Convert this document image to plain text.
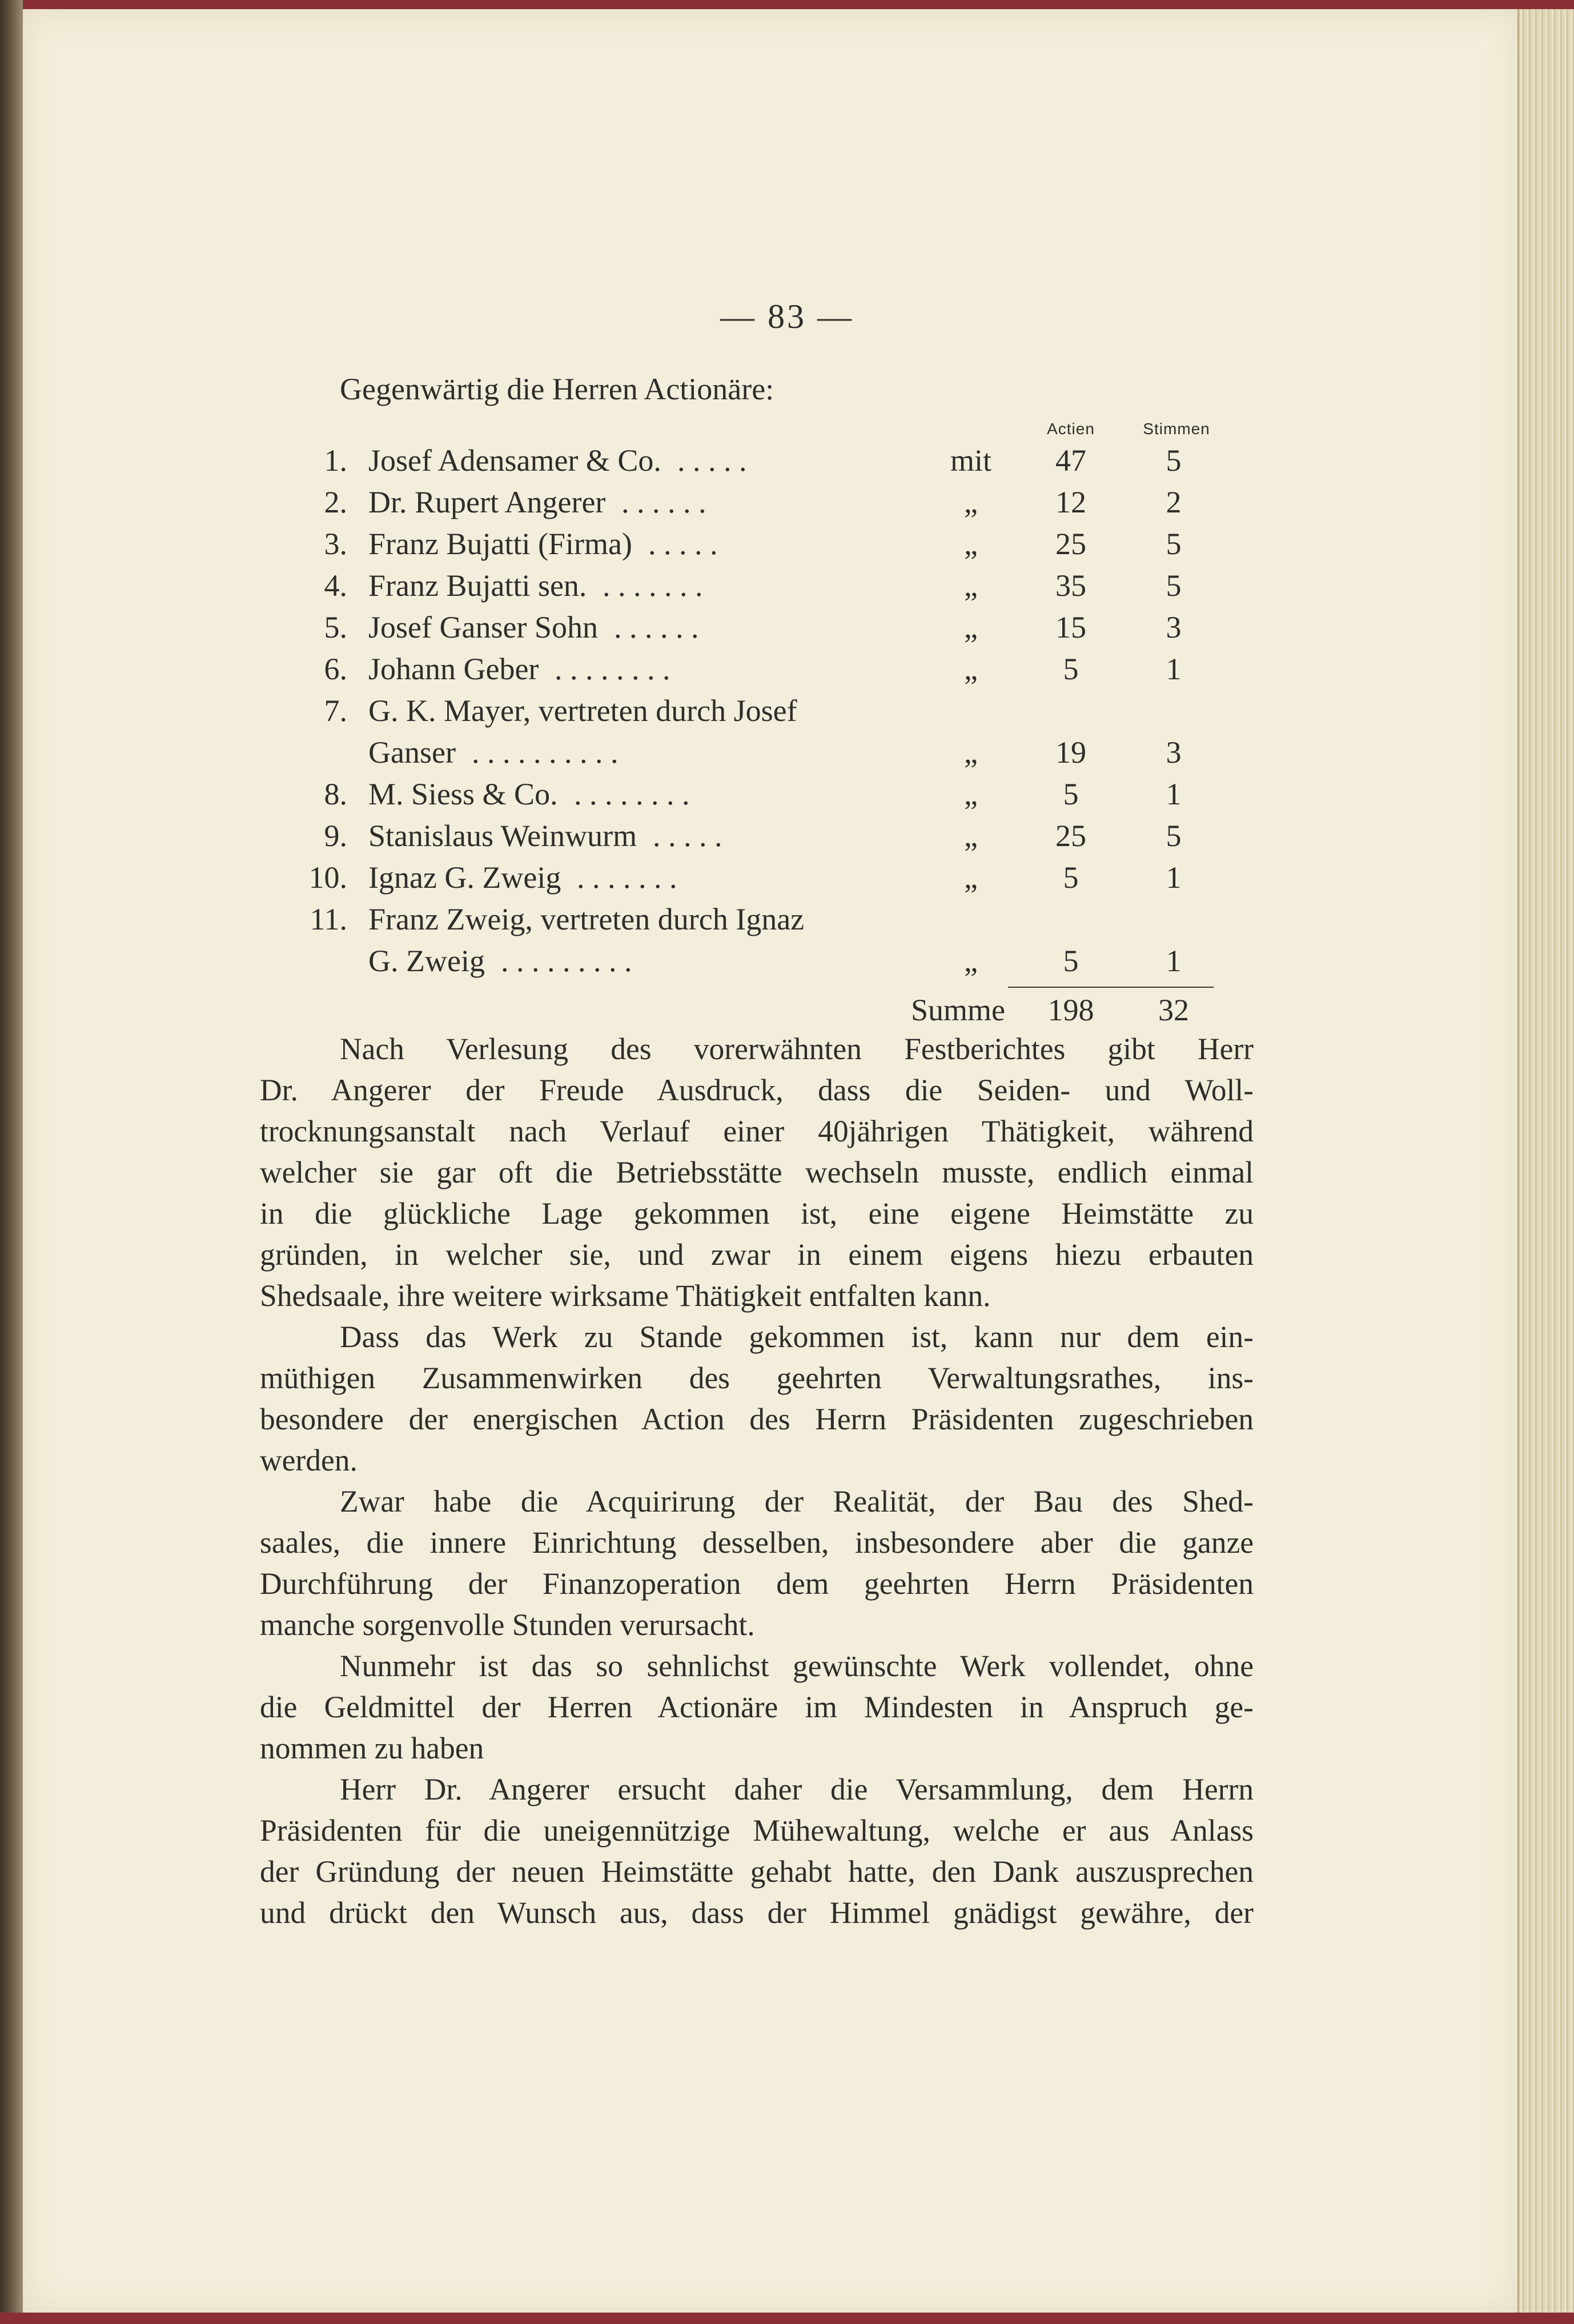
— 83 —
Gegenwärtig die Herren Actionäre:
Actien	Stimmen
1. Josef Adensamer & Co. . . . . .	mit	47	5
2. Dr. Rupert Angerer . . . . . .	„	12	2
3. Franz Bujatti (Firma) . . . . .	„	25	5
4. Franz Bujatti sen. . . . . . . .	„	35	5
5. Josef Ganser Sohn . . . . . .	„	15	3
6. Johann Geber . . . . . . . .	„	5	1
7. G. K. Mayer, vertreten durch Josef
Ganser . . . . . . . . . .	„	19	3
8. M. Siess & Co. . . . . . . . .	„	5	1
9. Stanislaus Weinwurm . . . . .	„	25	5
10. Ignaz G. Zweig . . . . . . .	„	5	1
11. Franz Zweig, vertreten durch Ignaz
G. Zweig . . . . . . . . .	„	5	1
Summe	198	32
Nach Verlesung des vorerwähnten Festberichtes gibt Herr
Dr. Angerer der Freude Ausdruck, dass die Seiden- und Woll-
trocknungsanstalt nach Verlauf einer 40jährigen Thätigkeit, während
welcher sie gar oft die Betriebsstätte wechseln musste, endlich einmal
in die glückliche Lage gekommen ist, eine eigene Heimstätte zu
gründen, in welcher sie, und zwar in einem eigens hiezu erbauten
Shedsaale, ihre weitere wirksame Thätigkeit entfalten kann.
Dass das Werk zu Stande gekommen ist, kann nur dem ein-
müthigen Zusammenwirken des geehrten Verwaltungsrathes, ins-
besondere der energischen Action des Herrn Präsidenten zugeschrieben
werden.
Zwar habe die Acquirirung der Realität, der Bau des Shed-
saales, die innere Einrichtung desselben, insbesondere aber die ganze
Durchführung der Finanzoperation dem geehrten Herrn Präsidenten
manche sorgenvolle Stunden verursacht.
Nunmehr ist das so sehnlichst gewünschte Werk vollendet, ohne
die Geldmittel der Herren Actionäre im Mindesten in Anspruch ge-
nommen zu haben
Herr Dr. Angerer ersucht daher die Versammlung, dem Herrn
Präsidenten für die uneigennützige Mühewaltung, welche er aus Anlass
der Gründung der neuen Heimstätte gehabt hatte, den Dank auszusprechen
und drückt den Wunsch aus, dass der Himmel gnädigst gewähre, der
